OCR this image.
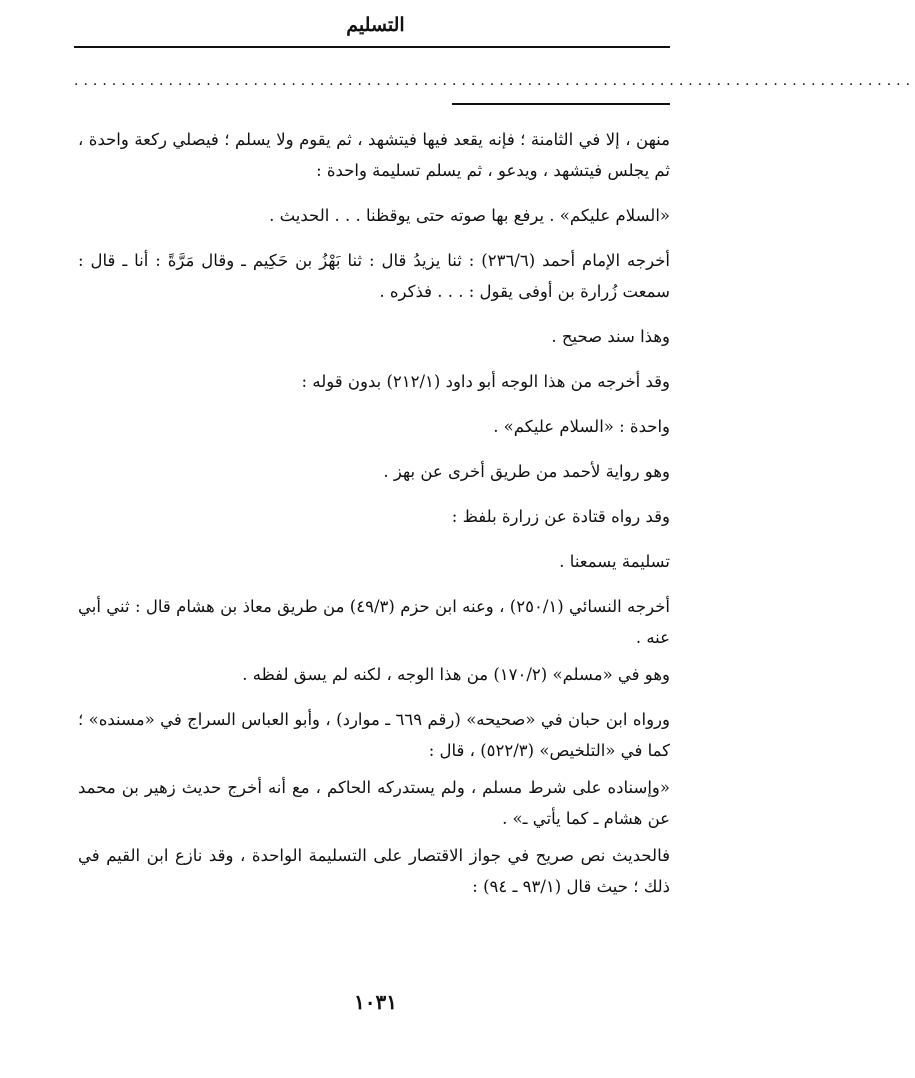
التسليم
·························································································

منهن ، إلا في الثامنة ؛ فإنه يقعد فيها فيتشهد ، ثم يقوم ولا يسلم ؛ فيصلي ركعة واحدة ، ثم يجلس فيتشهد ، ويدعو ، ثم يسلم تسليمة واحدة :

«السلام عليكم» . يرفع بها صوته حتى يوقظنا . . . الحديث .

أخرجه الإمام أحمد (٢٣٦/٦) : ثنا يزيدُ قال : ثنا بَهْزُ بن حَكِيم ـ وقال مَرَّةً : أنا ـ قال : سمعت زُرارة بن أوفى يقول : . . . فذكره .

وهذا سند صحيح .

وقد أخرجه من هذا الوجه أبو داود (٢١٢/١) بدون قوله :

واحدة : «السلام عليكم» .

وهو رواية لأحمد من طريق أخرى عن بهز .

وقد رواه قتادة عن زرارة بلفظ :

تسليمة يسمعنا .

أخرجه النسائي (٢٥٠/١) ، وعنه ابن حزم (٤٩/٣) من طريق معاذ بن هشام قال : ثني أبي عنه .

وهو في «مسلم» (١٧٠/٢) من هذا الوجه ، لكنه لم يسق لفظه .

ورواه ابن حبان في «صحيحه» (رقم ٦٦٩ ـ موارد) ، وأبو العباس السراج في «مسنده» ؛ كما في «التلخيص» (٥٢٢/٣) ، قال :

«وإسناده على شرط مسلم ، ولم يستدركه الحاكم ، مع أنه أخرج حديث زهير بن محمد عن هشام ـ كما يأتي ـ» .

فالحديث نص صريح في جواز الاقتصار على التسليمة الواحدة ، وقد نازع ابن القيم في ذلك ؛ حيث قال (٩٣/١ ـ ٩٤) :

١٠٣١
